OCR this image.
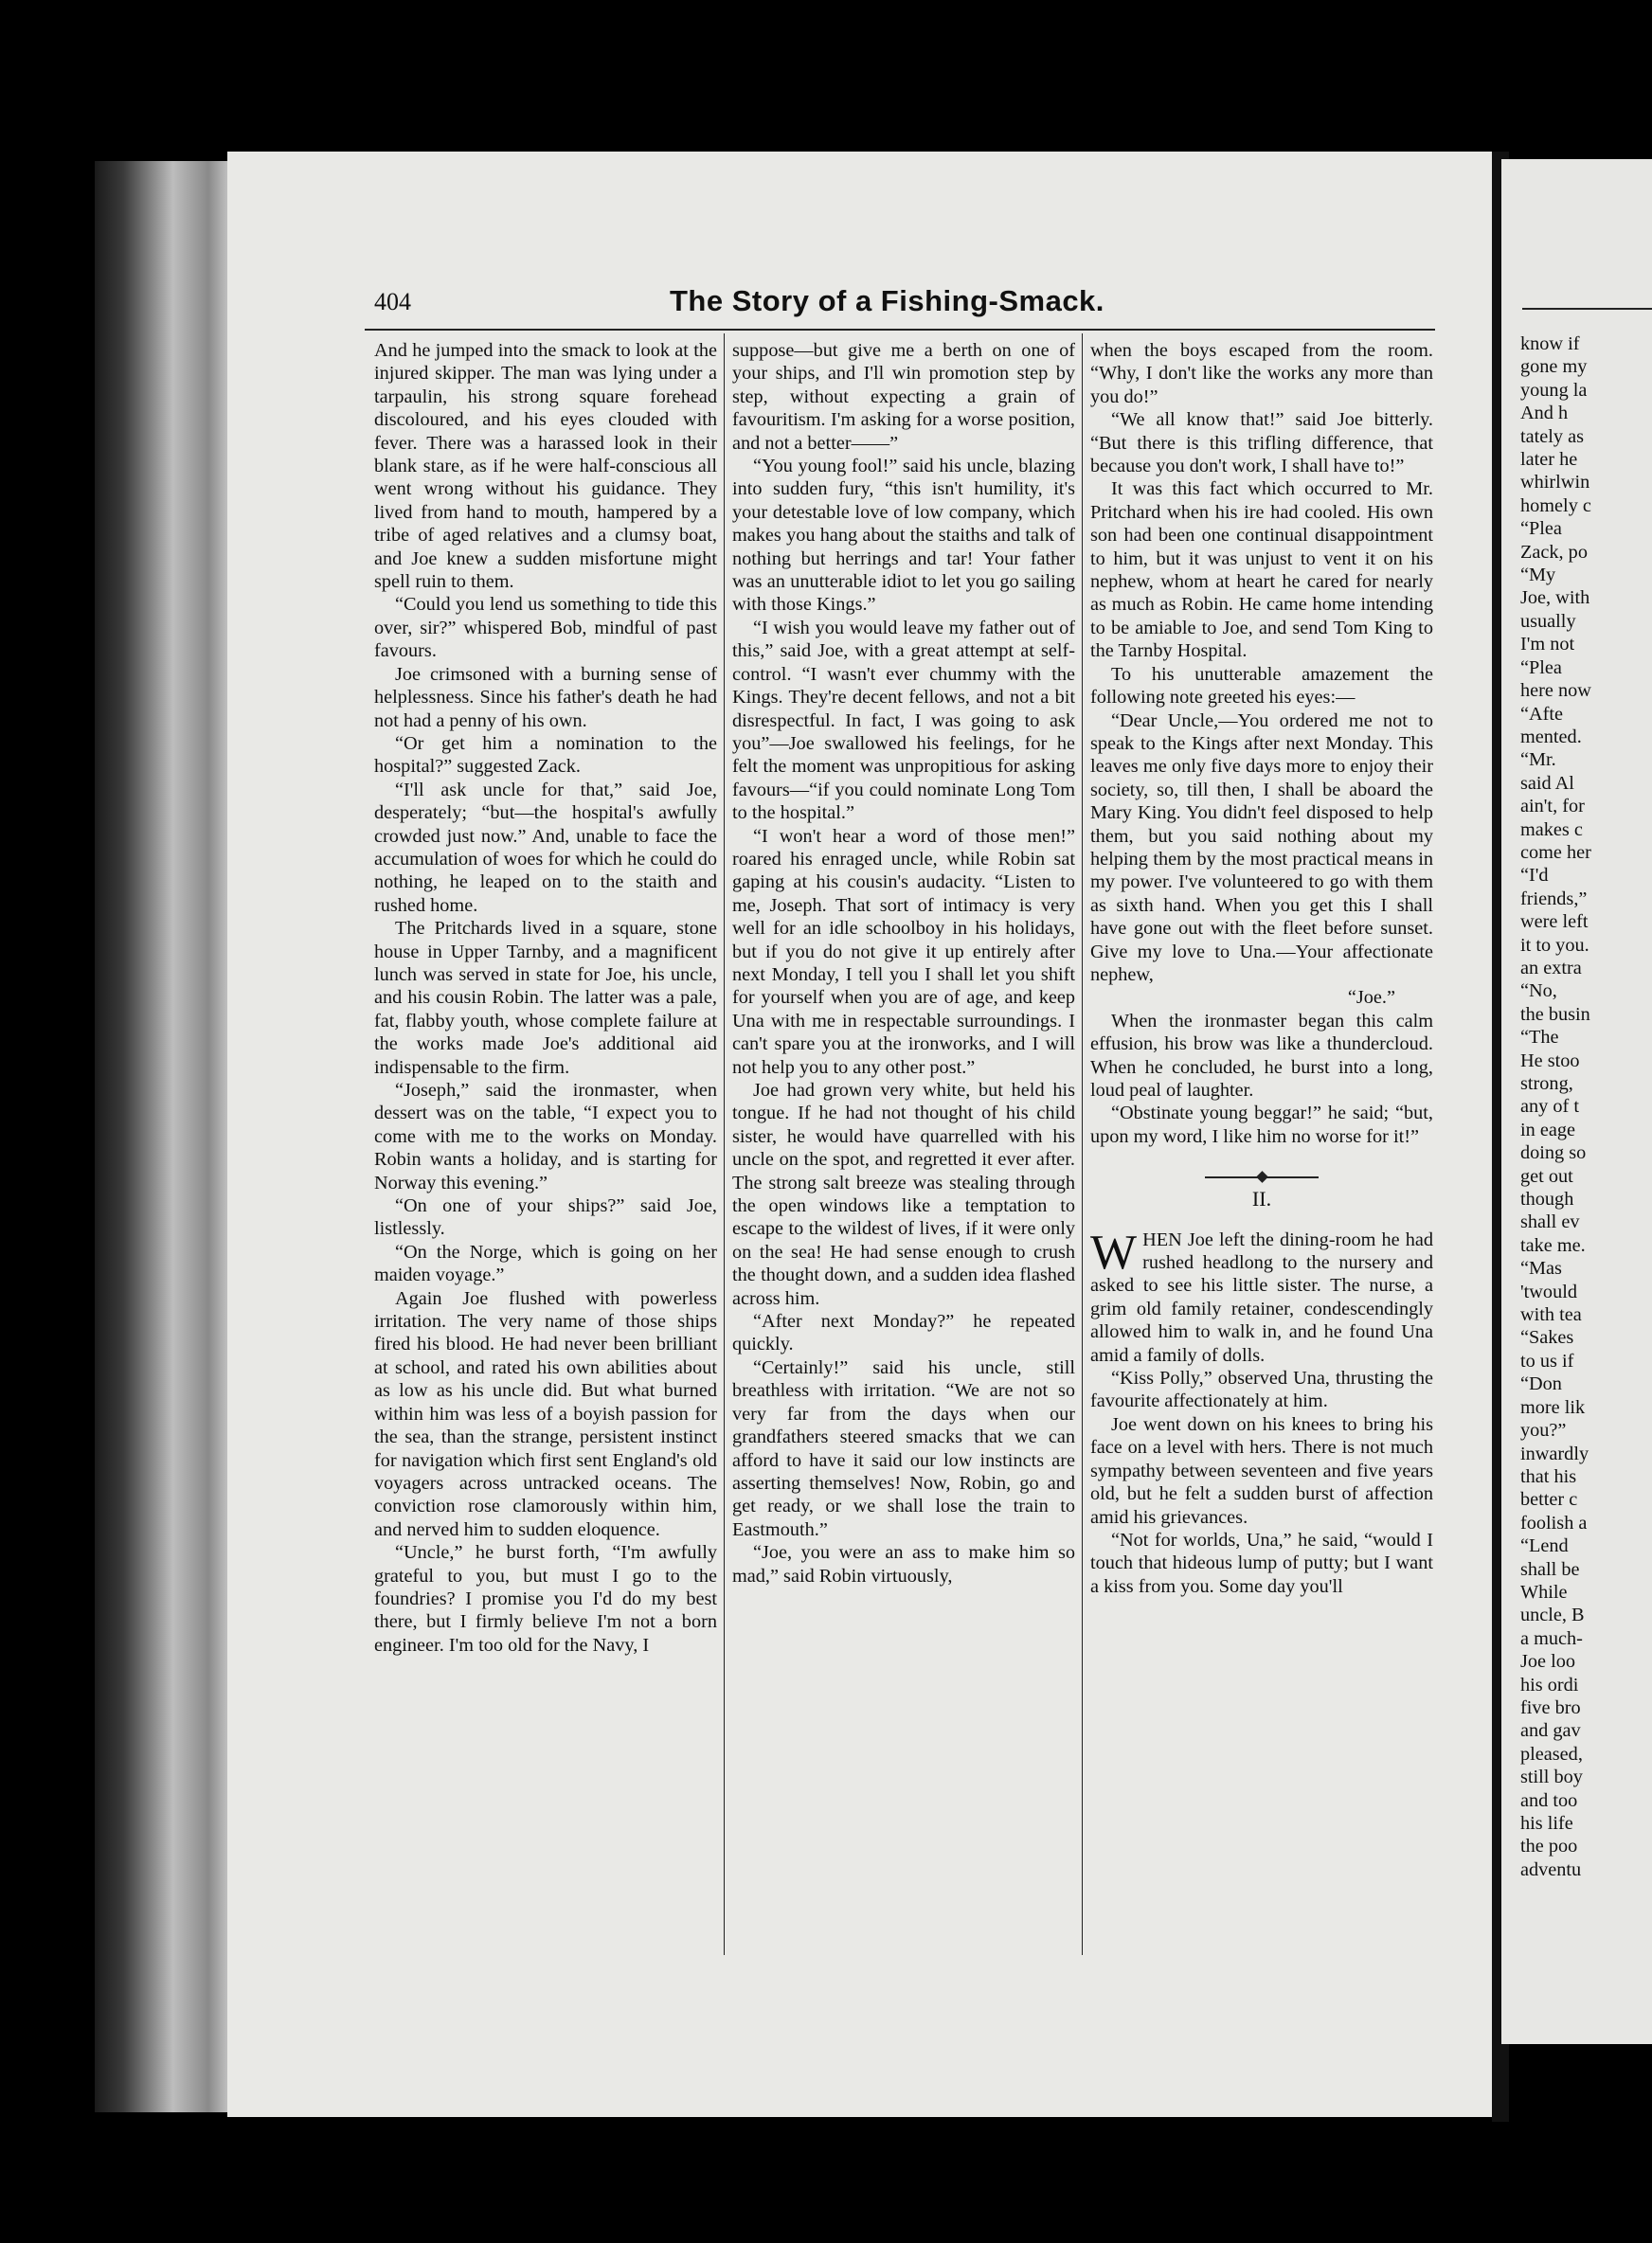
know if
gone my
young la
And h
tately as
later he
whirlwin
homely c
“Plea
Zack, po
“My
Joe, with
usually
I'm not
“Plea
here now
“Afte
mented.
“Mr.
said Al
ain't, for
makes c
come her
“I'd
friends,”
were left
it to you.
an extra
“No,
the busin
“The
He stoo
strong,
any of t
in eage
doing so
get out
though
shall ev
take me.
“Mas
'twould
with tea
“Sakes
to us if
“Don
more lik
you?”
inwardly
that his
better c
foolish a
“Lend
shall be
While
uncle, B
a much-
Joe loo
his ordi
five bro
and gav
pleased,
still boy
and too
his life
the poo
adventu
404	The Story of a Fishing-Smack.

And he jumped into the smack to look at the injured skipper. The man was lying under a tarpaulin, his strong square forehead discoloured, and his eyes clouded with fever. There was a harassed look in their blank stare, as if he were half-conscious all went wrong without his guidance. They lived from hand to mouth, hampered by a tribe of aged relatives and a clumsy boat, and Joe knew a sudden misfortune might spell ruin to them.

“Could you lend us something to tide this over, sir?” whispered Bob, mindful of past favours.

Joe crimsoned with a burning sense of helplessness. Since his father's death he had not had a penny of his own.

“Or get him a nomination to the hospital?” suggested Zack.

“I'll ask uncle for that,” said Joe, desperately; “but—the hospital's awfully crowded just now.” And, unable to face the accumulation of woes for which he could do nothing, he leaped on to the staith and rushed home.

The Pritchards lived in a square, stone house in Upper Tarnby, and a magnificent lunch was served in state for Joe, his uncle, and his cousin Robin. The latter was a pale, fat, flabby youth, whose complete failure at the works made Joe's additional aid indispensable to the firm.

“Joseph,” said the ironmaster, when dessert was on the table, “I expect you to come with me to the works on Monday. Robin wants a holiday, and is starting for Norway this evening.”

“On one of your ships?” said Joe, listlessly.

“On the Norge, which is going on her maiden voyage.”

Again Joe flushed with powerless irritation. The very name of those ships fired his blood. He had never been brilliant at school, and rated his own abilities about as low as his uncle did. But what burned within him was less of a boyish passion for the sea, than the strange, persistent instinct for navigation which first sent England's old voyagers across untracked oceans. The conviction rose clamorously within him, and nerved him to sudden eloquence.

“Uncle,” he burst forth, “I'm awfully grateful to you, but must I go to the foundries? I promise you I'd do my best there, but I firmly believe I'm not a born engineer. I'm too old for the Navy, I

suppose—but give me a berth on one of your ships, and I'll win promotion step by step, without expecting a grain of favouritism. I'm asking for a worse position, and not a better——”

“You young fool!” said his uncle, blazing into sudden fury, “this isn't humility, it's your detestable love of low company, which makes you hang about the staiths and talk of nothing but herrings and tar! Your father was an unutterable idiot to let you go sailing with those Kings.”

“I wish you would leave my father out of this,” said Joe, with a great attempt at self-control. “I wasn't ever chummy with the Kings. They're decent fellows, and not a bit disrespectful. In fact, I was going to ask you”—Joe swallowed his feelings, for he felt the moment was unpropitious for asking favours—“if you could nominate Long Tom to the hospital.”

“I won't hear a word of those men!” roared his enraged uncle, while Robin sat gaping at his cousin's audacity. “Listen to me, Joseph. That sort of intimacy is very well for an idle schoolboy in his holidays, but if you do not give it up entirely after next Monday, I tell you I shall let you shift for yourself when you are of age, and keep Una with me in respectable surroundings. I can't spare you at the ironworks, and I will not help you to any other post.”

Joe had grown very white, but held his tongue. If he had not thought of his child sister, he would have quarrelled with his uncle on the spot, and regretted it ever after. The strong salt breeze was stealing through the open windows like a temptation to escape to the wildest of lives, if it were only on the sea! He had sense enough to crush the thought down, and a sudden idea flashed across him.

“After next Monday?” he repeated quickly.

“Certainly!” said his uncle, still breathless with irritation. “We are not so very far from the days when our grandfathers steered smacks that we can afford to have it said our low instincts are asserting themselves! Now, Robin, go and get ready, or we shall lose the train to Eastmouth.”

“Joe, you were an ass to make him so mad,” said Robin virtuously,

when the boys escaped from the room. “Why, I don't like the works any more than you do!”

“We all know that!” said Joe bitterly. “But there is this trifling difference, that because you don't work, I shall have to!”

It was this fact which occurred to Mr. Pritchard when his ire had cooled. His own son had been one continual disappointment to him, but it was unjust to vent it on his nephew, whom at heart he cared for nearly as much as Robin. He came home intending to be amiable to Joe, and send Tom King to the Tarnby Hospital.

To his unutterable amazement the following note greeted his eyes:—

“Dear Uncle,—You ordered me not to speak to the Kings after next Monday. This leaves me only five days more to enjoy their society, so, till then, I shall be aboard the Mary King. You didn't feel disposed to help them, but you said nothing about my helping them by the most practical means in my power. I've volunteered to go with them as sixth hand. When you get this I shall have gone out with the fleet before sunset. Give my love to Una.—Your affectionate nephew,

“Joe.”

When the ironmaster began this calm effusion, his brow was like a thundercloud. When he concluded, he burst into a long, loud peal of laughter.

“Obstinate young beggar!” he said; “but, upon my word, I like him no worse for it!”

II.

WHEN Joe left the dining-room he had rushed headlong to the nursery and asked to see his little sister. The nurse, a grim old family retainer, condescendingly allowed him to walk in, and he found Una amid a family of dolls.

“Kiss Polly,” observed Una, thrusting the favourite affectionately at him.

Joe went down on his knees to bring his face on a level with hers. There is not much sympathy between seventeen and five years old, but he felt a sudden burst of affection amid his grievances.

“Not for worlds, Una,” he said, “would I touch that hideous lump of putty; but I want a kiss from you. Some day you'll
